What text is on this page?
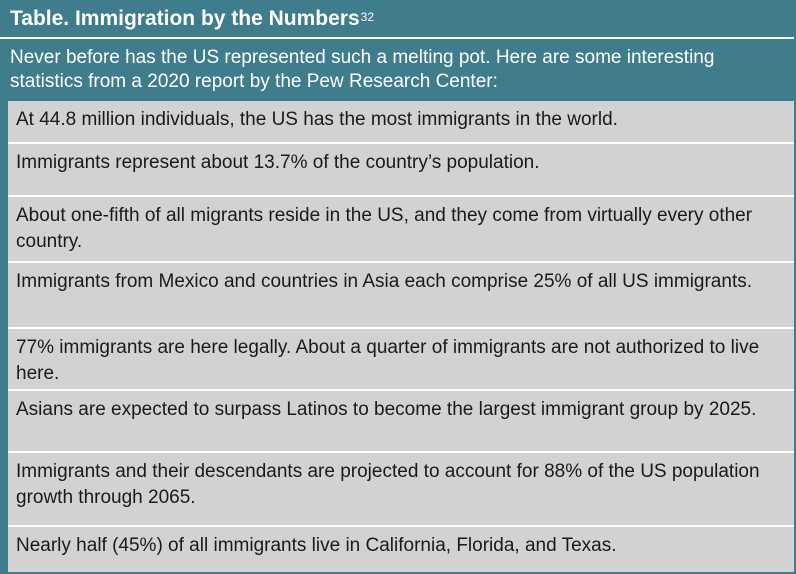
Table. Immigration by the Numbers$^{32}$
Never before has the US represented such a melting pot. Here are some interesting statistics from a 2020 report by the Pew Research Center:
At 44.8 million individuals, the US has the most immigrants in the world.
Immigrants represent about 13.7% of the country’s population.
About one-fifth of all migrants reside in the US, and they come from virtually every other country.
Immigrants from Mexico and countries in Asia each comprise 25% of all US immigrants.
77% immigrants are here legally. About a quarter of immigrants are not authorized to live here.
Asians are expected to surpass Latinos to become the largest immigrant group by 2025.
Immigrants and their descendants are projected to account for 88% of the US population growth through 2065.
Nearly half (45%) of all immigrants live in California, Florida, and Texas.
